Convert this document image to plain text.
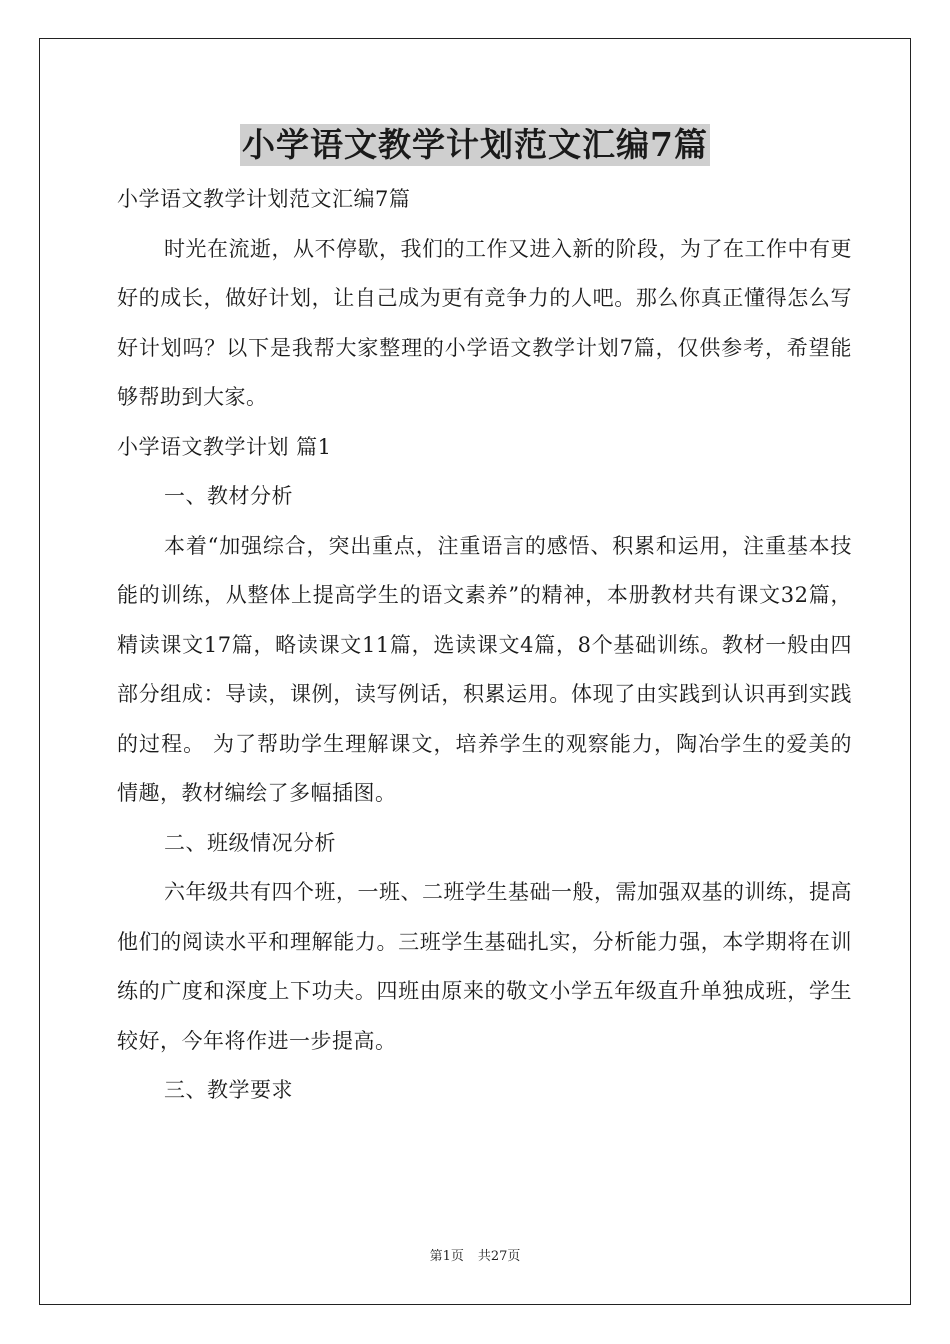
小学语文教学计划范文汇编7篇

小学语文教学计划范文汇编7篇

时光在流逝，从不停歇，我们的工作又进入新的阶段，为了在工作中有更好的成长，做好计划，让自己成为更有竞争力的人吧。那么你真正懂得怎么写好计划吗？以下是我帮大家整理的小学语文教学计划7篇，仅供参考，希望能够帮助到大家。

小学语文教学计划 篇1

一、教材分析

本着“加强综合，突出重点，注重语言的感悟、积累和运用，注重基本技能的训练，从整体上提高学生的语文素养”的精神，本册教材共有课文32篇，精读课文17篇，略读课文11篇，选读课文4篇，8个基础训练。教材一般由四部分组成：导读，课例，读写例话，积累运用。体现了由实践到认识再到实践的过程。 为了帮助学生理解课文，培养学生的观察能力，陶冶学生的爱美的情趣，教材编绘了多幅插图。

二、班级情况分析

六年级共有四个班，一班、二班学生基础一般，需加强双基的训练，提高他们的阅读水平和理解能力。三班学生基础扎实，分析能力强，本学期将在训练的广度和深度上下功夫。四班由原来的敬文小学五年级直升单独成班，学生较好，今年将作进一步提高。

三、教学要求

第1页 共27页
